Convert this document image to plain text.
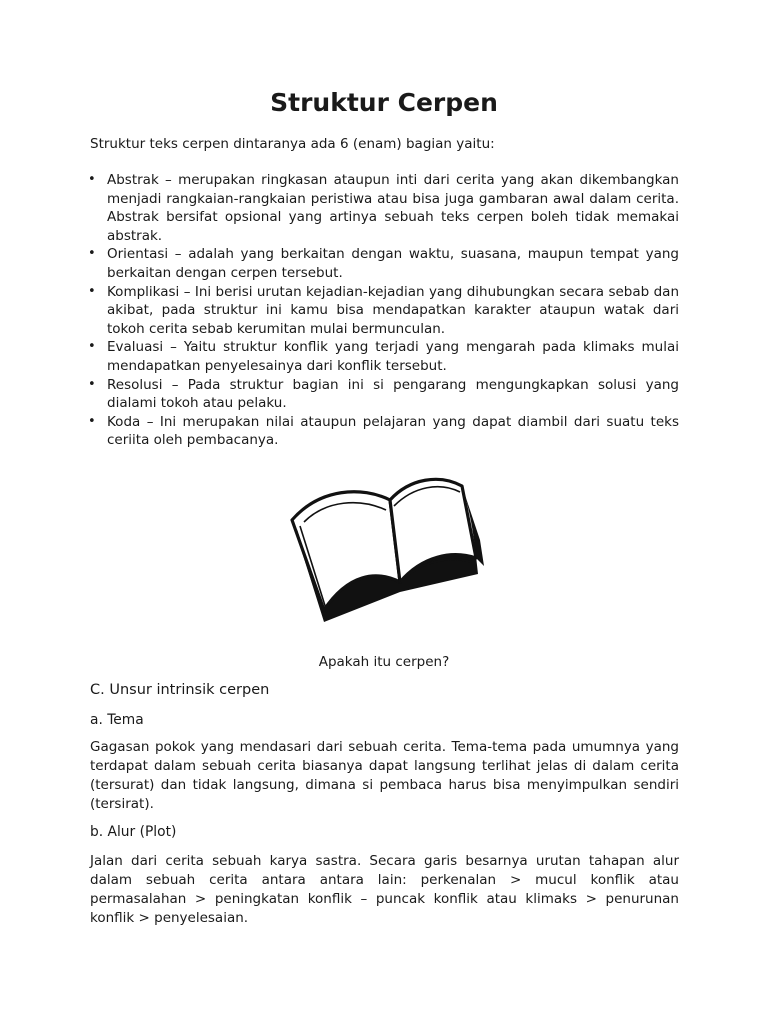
Struktur Cerpen

Struktur teks cerpen dintaranya ada 6 (enam) bagian yaitu:

• Abstrak – merupakan ringkasan ataupun inti dari cerita yang akan dikembangkan menjadi rangkaian-rangkaian peristiwa atau bisa juga gambaran awal dalam cerita. Abstrak bersifat opsional yang artinya sebuah teks cerpen boleh tidak memakai abstrak.
• Orientasi – adalah yang berkaitan dengan waktu, suasana, maupun tempat yang berkaitan dengan cerpen tersebut.
• Komplikasi – Ini berisi urutan kejadian-kejadian yang dihubungkan secara sebab dan akibat, pada struktur ini kamu bisa mendapatkan karakter ataupun watak dari tokoh cerita sebab kerumitan mulai bermunculan.
• Evaluasi – Yaitu struktur konflik yang terjadi yang mengarah pada klimaks mulai mendapatkan penyelesainya dari konflik tersebut.
• Resolusi – Pada struktur bagian ini si pengarang mengungkapkan solusi yang dialami tokoh atau pelaku.
• Koda – Ini merupakan nilai ataupun pelajaran yang dapat diambil dari suatu teks ceriita oleh pembacanya.
Apakah itu cerpen?
C. Unsur intrinsik cerpen

a. Tema

Gagasan pokok yang mendasari dari sebuah cerita. Tema-tema pada umumnya yang terdapat dalam sebuah cerita biasanya dapat langsung terlihat jelas di dalam cerita (tersurat) dan tidak langsung, dimana si pembaca harus bisa menyimpulkan sendiri (tersirat).

b. Alur (Plot)

Jalan dari cerita sebuah karya sastra. Secara garis besarnya urutan tahapan alur dalam sebuah cerita antara antara lain: perkenalan > mucul konflik atau permasalahan > peningkatan konflik – puncak konflik atau klimaks > penurunan konflik > penyelesaian.
